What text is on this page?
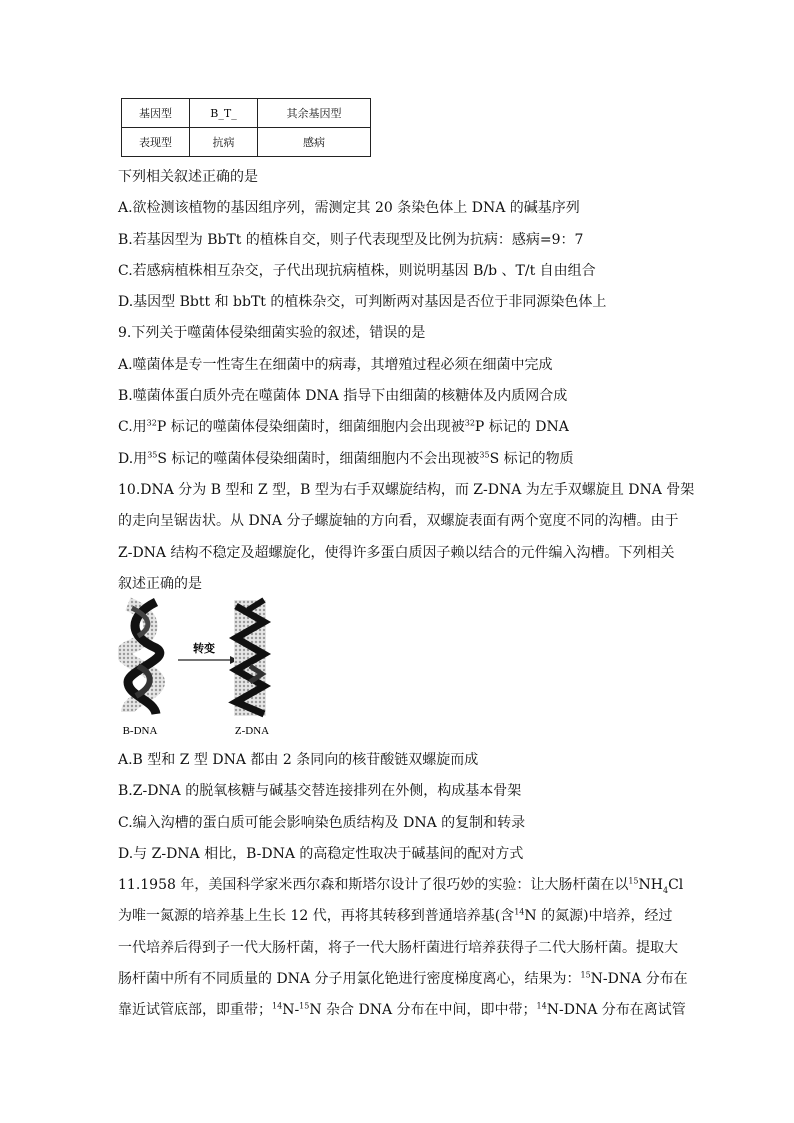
基因型	B_T_	其余基因型
表现型	抗病	感病
下列相关叙述正确的是
A.欲检测该植物的基因组序列，需测定其 20 条染色体上 DNA 的碱基序列
B.若基因型为 BbTt 的植株自交，则子代表现型及比例为抗病：感病=9：7
C.若感病植株相互杂交，子代出现抗病植株，则说明基因 B/b 、T/t 自由组合
D.基因型 Bbtt 和 bbTt 的植株杂交，可判断两对基因是否位于非同源染色体上
9.下列关于噬菌体侵染细菌实验的叙述，错误的是
A.噬菌体是专一性寄生在细菌中的病毒，其增殖过程必须在细菌中完成
B.噬菌体蛋白质外壳在噬菌体 DNA 指导下由细菌的核糖体及内质网合成
C.用$^{32}$P 标记的噬菌体侵染细菌时，细菌细胞内会出现被$^{32}$P 标记的 DNA
D.用$^{35}$S 标记的噬菌体侵染细菌时，细菌细胞内不会出现被$^{35}$S 标记的物质
10.DNA 分为 B 型和 Z 型，B 型为右手双螺旋结构，而 Z-DNA 为左手双螺旋且 DNA 骨架
的走向呈锯齿状。从 DNA 分子螺旋轴的方向看，双螺旋表面有两个宽度不同的沟槽。由于
Z-DNA 结构不稳定及超螺旋化，使得许多蛋白质因子赖以结合的元件编入沟槽。下列相关
叙述正确的是
转变
B-DNA	Z-DNA
A.B 型和 Z 型 DNA 都由 2 条同向的核苷酸链双螺旋而成
B.Z-DNA 的脱氧核糖与碱基交替连接排列在外侧，构成基本骨架
C.编入沟槽的蛋白质可能会影响染色质结构及 DNA 的复制和转录
D.与 Z-DNA 相比，B-DNA 的高稳定性取决于碱基间的配对方式
11.1958 年，美国科学家米西尔森和斯塔尔设计了很巧妙的实验：让大肠杆菌在以$^{15}NH_4Cl$
为唯一氮源的培养基上生长 12 代，再将其转移到普通培养基(含$^{14}$N 的氮源)中培养，经过
一代培养后得到子一代大肠杆菌，将子一代大肠杆菌进行培养获得子二代大肠杆菌。提取大
肠杆菌中所有不同质量的 DNA 分子用氯化铯进行密度梯度离心，结果为：$^{15}$N-DNA 分布在
靠近试管底部，即重带；$^{14}$N-$^{15}$N 杂合 DNA 分布在中间，即中带；$^{14}$N-DNA 分布在离试管
